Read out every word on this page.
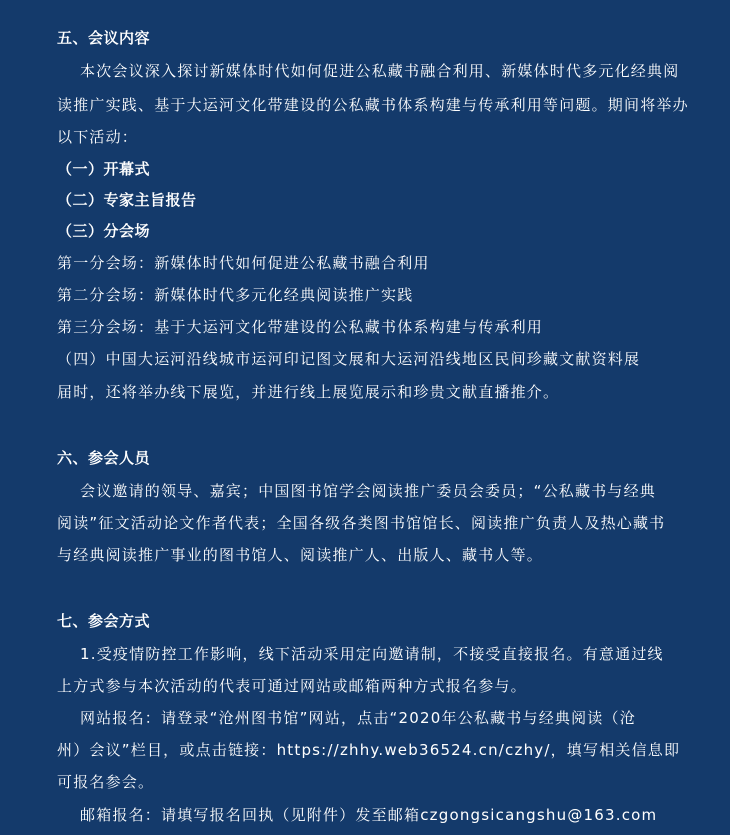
五、会议内容
本次会议深入探讨新媒体时代如何促进公私藏书融合利用、新媒体时代多元化经典阅
读推广实践、基于大运河文化带建设的公私藏书体系构建与传承利用等问题。期间将举办
以下活动：
（一）开幕式
（二）专家主旨报告
（三）分会场
第一分会场：新媒体时代如何促进公私藏书融合利用
第二分会场：新媒体时代多元化经典阅读推广实践
第三分会场：基于大运河文化带建设的公私藏书体系构建与传承利用
（四）中国大运河沿线城市运河印记图文展和大运河沿线地区民间珍藏文献资料展
届时，还将举办线下展览，并进行线上展览展示和珍贵文献直播推介。
六、参会人员
会议邀请的领导、嘉宾；中国图书馆学会阅读推广委员会委员；“公私藏书与经典
阅读”征文活动论文作者代表；全国各级各类图书馆馆长、阅读推广负责人及热心藏书
与经典阅读推广事业的图书馆人、阅读推广人、出版人、藏书人等。
七、参会方式
1.受疫情防控工作影响，线下活动采用定向邀请制，不接受直接报名。有意通过线
上方式参与本次活动的代表可通过网站或邮箱两种方式报名参与。
网站报名：请登录“沧州图书馆”网站，点击“2020年公私藏书与经典阅读（沧
州）会议”栏目，或点击链接：https://zhhy.web36524.cn/czhy/，填写相关信息即
可报名参会。
邮箱报名：请填写报名回执（见附件）发至邮箱czgongsicangshu@163.com
